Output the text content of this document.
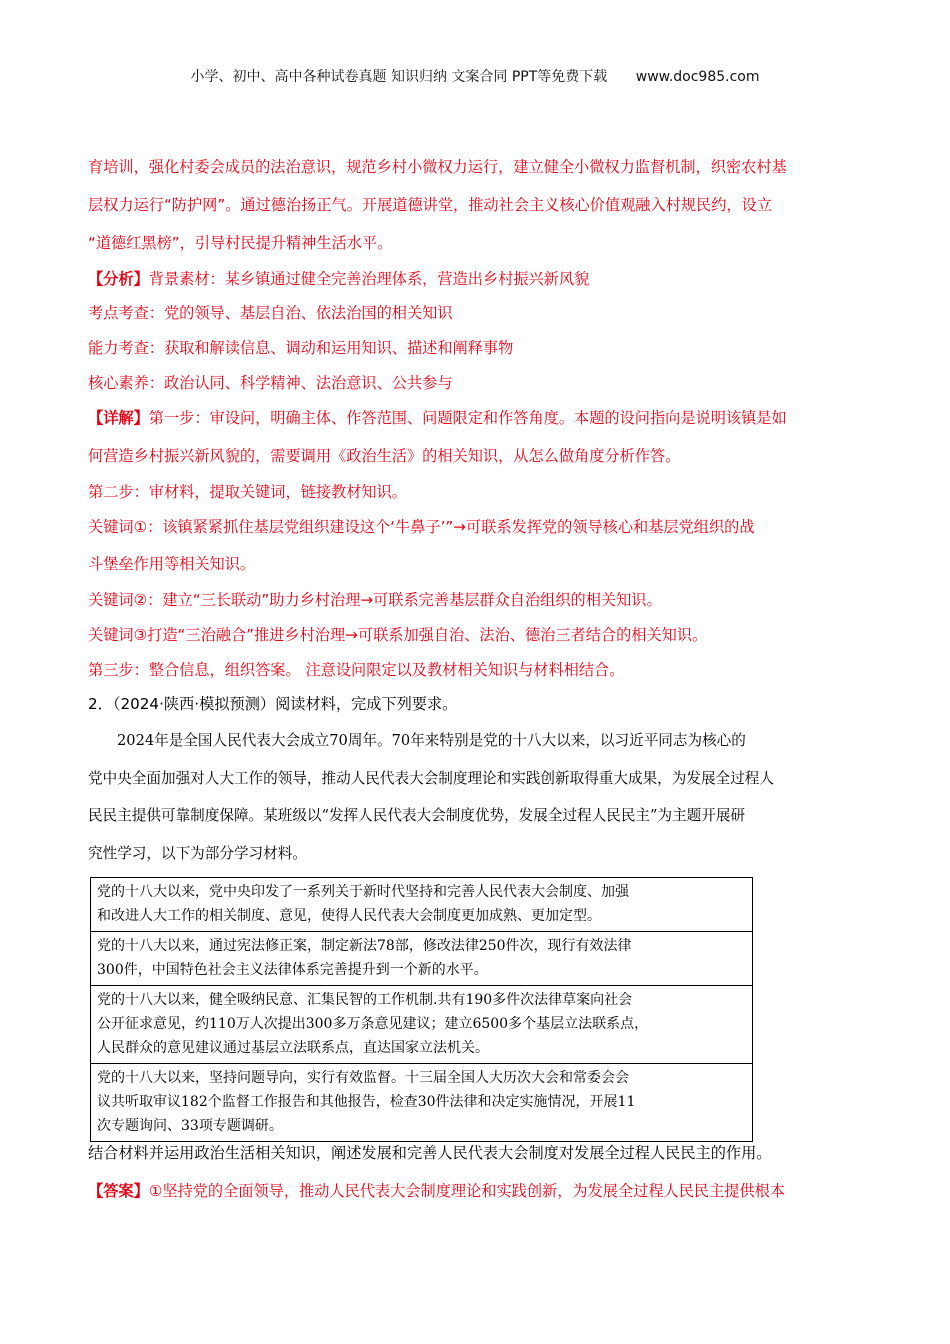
小学、初中、高中各种试卷真题 知识归纳 文案合同 PPT等免费下载 www.doc985.com
育培训，强化村委会成员的法治意识，规范乡村小微权力运行，建立健全小微权力监督机制，织密农村基
层权力运行“防护网”。通过德治扬正气。开展道德讲堂，推动社会主义核心价值观融入村规民约，设立
“道德红黑榜”，引导村民提升精神生活水平。
【分析】背景素材：某乡镇通过健全完善治理体系，营造出乡村振兴新风貌
考点考查：党的领导、基层自治、依法治国的相关知识
能力考查：获取和解读信息、调动和运用知识、描述和阐释事物
核心素养：政治认同、科学精神、法治意识、公共参与
【详解】第一步：审设问，明确主体、作答范围、问题限定和作答角度。本题的设问指向是说明该镇是如
何营造乡村振兴新风貌的，需要调用《政治生活》的相关知识，从怎么做角度分析作答。
第二步：审材料，提取关键词，链接教材知识。
关键词①：该镇紧紧抓住基层党组织建设这个‘牛鼻子’”→可联系发挥党的领导核心和基层党组织的战
斗堡垒作用等相关知识。
关键词②：建立“三长联动”助力乡村治理→可联系完善基层群众自治组织的相关知识。
关键词③打造“三治融合”推进乡村治理→可联系加强自治、法治、德治三者结合的相关知识。
第三步：整合信息，组织答案。 注意设问限定以及教材相关知识与材料相结合。
2．（2024·陕西·模拟预测）阅读材料，完成下列要求。
2024年是全国人民代表大会成立70周年。70年来特别是党的十八大以来，以习近平同志为核心的
党中央全面加强对人大工作的领导，推动人民代表大会制度理论和实践创新取得重大成果，为发展全过程人
民民主提供可靠制度保障。某班级以“发挥人民代表大会制度优势，发展全过程人民民主”为主题开展研
究性学习，以下为部分学习材料。
党的十八大以来，党中央印发了一系列关于新时代坚持和完善人民代表大会制度、加强
和改进人大工作的相关制度、意见，使得人民代表大会制度更加成熟、更加定型。

党的十八大以来，通过宪法修正案，制定新法78部，修改法律250件次，现行有效法律
300件，中国特色社会主义法律体系完善提升到一个新的水平。

党的十八大以来，健全吸纳民意、汇集民智的工作机制.共有190多件次法律草案向社会
公开征求意见，约110万人次提出300多万条意见建议；建立6500多个基层立法联系点，
人民群众的意见建议通过基层立法联系点，直达国家立法机关。

党的十八大以来，坚持问题导向，实行有效监督。十三届全国人大历次大会和常委会会
议共听取审议182个监督工作报告和其他报告，检查30件法律和决定实施情况，开展11
次专题询问、33项专题调研。
结合材料并运用政治生活相关知识，阐述发展和完善人民代表大会制度对发展全过程人民民主的作用。
【答案】①坚持党的全面领导，推动人民代表大会制度理论和实践创新，为发展全过程人民民主提供根本
